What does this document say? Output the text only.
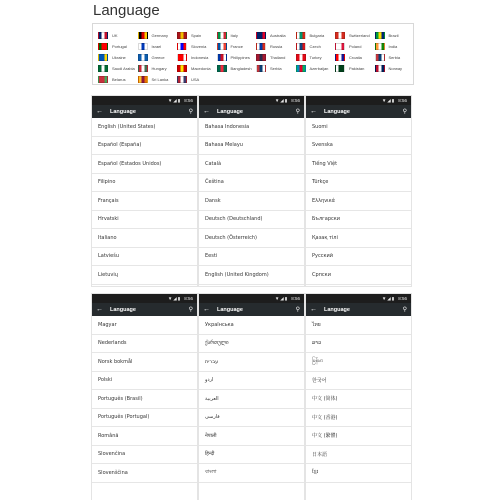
Language
UK	Germany	Spain	Italy	Australia	Bulgaria	Switzerland	Brazil
Portugal	Israel	Slovenia	France	Russia	Czech	Poland	India
Ukraine	Greece	Indonesia	Philippines	Thailand	Turkey	Croatia	Serbia
Saudi Arabia	Hungary	Macedonia	Bangladesh	Serbia	Azerbaijan	Pakistan	Norway
Belarus	Sri Lanka	USA
▼◢▮ 8:56
← Language	⚲
English (United States)
Español (España)
Español (Estados Unidos)
Filipino
Français
Hrvatski
Italiano
Latviešu
Lietuvių
▼◢▮ 8:56
← Language	⚲
Bahasa Indonesia
Bahasa Melayu
Català
Čeština
Dansk
Deutsch (Deutschland)
Deutsch (Österreich)
Eesti
English (United Kingdom)
▼◢▮ 8:56
← Language	⚲
Suomi
Svenska
Tiếng Việt
Türkçe
Ελληνικά
Български
Қазақ тілі
Русский
Српски
▼◢▮ 8:56
← Language	⚲
Magyar
Nederlands
Norsk bokmål
Polski
Português (Brasil)
Português (Portugal)
Română
Slovenčina
Slovenščina
▼◢▮ 8:56
← Language	⚲
Українська
ქართული
עברית
اردو
العربية
فارسی
नेपाली
हिन्दी
বাংলা
▼◢▮ 8:56
← Language	⚲
ไทย
ລາວ
မြန်မာ
한국어
中文 (简体)
中文 (香港)
中文 (繁體)
日本語
ខ្មែរ
